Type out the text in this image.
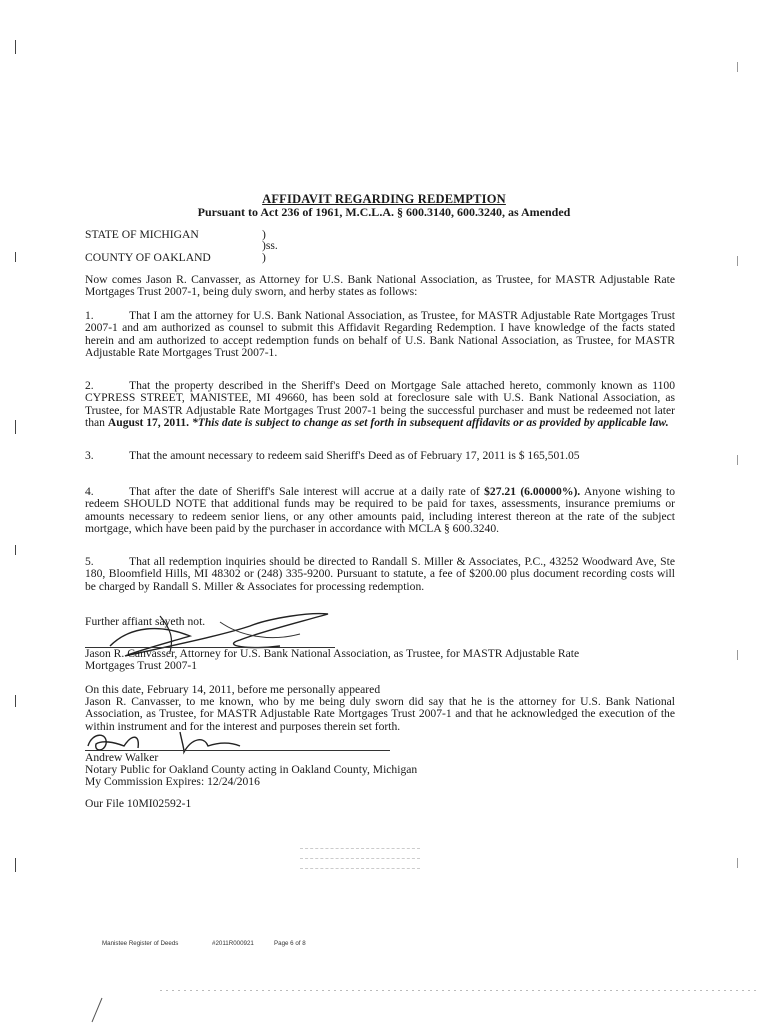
AFFIDAVIT REGARDING REDEMPTION
Pursuant to Act 236 of 1961, M.C.L.A. § 600.3140, 600.3240, as Amended
STATE OF MICHIGAN	)
)ss.
COUNTY OF OAKLAND	)
Now comes Jason R. Canvasser, as Attorney for U.S. Bank National Association, as Trustee, for MASTR Adjustable Rate Mortgages Trust 2007-1, being duly sworn, and herby states as follows:
1.	That I am the attorney for U.S. Bank National Association, as Trustee, for MASTR Adjustable Rate Mortgages Trust 2007-1 and am authorized as counsel to submit this Affidavit Regarding Redemption. I have knowledge of the facts stated herein and am authorized to accept redemption funds on behalf of U.S. Bank National Association, as Trustee, for MASTR Adjustable Rate Mortgages Trust 2007-1.
2.	That the property described in the Sheriff's Deed on Mortgage Sale attached hereto, commonly known as 1100 CYPRESS STREET, MANISTEE, MI 49660, has been sold at foreclosure sale with U.S. Bank National Association, as Trustee, for MASTR Adjustable Rate Mortgages Trust 2007-1 being the successful purchaser and must be redeemed not later than August 17, 2011. *This date is subject to change as set forth in subsequent affidavits or as provided by applicable law.
3.	That the amount necessary to redeem said Sheriff's Deed as of February 17, 2011 is $ 165,501.05
4.	That after the date of Sheriff's Sale interest will accrue at a daily rate of $27.21 (6.00000%). Anyone wishing to redeem SHOULD NOTE that additional funds may be required to be paid for taxes, assessments, insurance premiums or amounts necessary to redeem senior liens, or any other amounts paid, including interest thereon at the rate of the subject mortgage, which have been paid by the purchaser in accordance with MCLA § 600.3240.
5.	That all redemption inquiries should be directed to Randall S. Miller & Associates, P.C., 43252 Woodward Ave, Ste 180, Bloomfield Hills, MI 48302 or (248) 335-9200. Pursuant to statute, a fee of $200.00 plus document recording costs will be charged by Randall S. Miller & Associates for processing redemption.
Further affiant sayeth not.
Jason R. Canvasser, Attorney for U.S. Bank National Association, as Trustee, for MASTR Adjustable Rate Mortgages Trust 2007-1
On this date, February 14, 2011, before me personally appeared
Jason R. Canvasser, to me known, who by me being duly sworn did say that he is the attorney for U.S. Bank National Association, as Trustee, for MASTR Adjustable Rate Mortgages Trust 2007-1 and that he acknowledged the execution of the within instrument and for the interest and purposes therein set forth.
Andrew Walker
Notary Public for Oakland County acting in Oakland County, Michigan
My Commission Expires: 12/24/2016
Our File 10MI02592-1
Manistee Register of Deeds	#2011R000921	Page 6 of 8
